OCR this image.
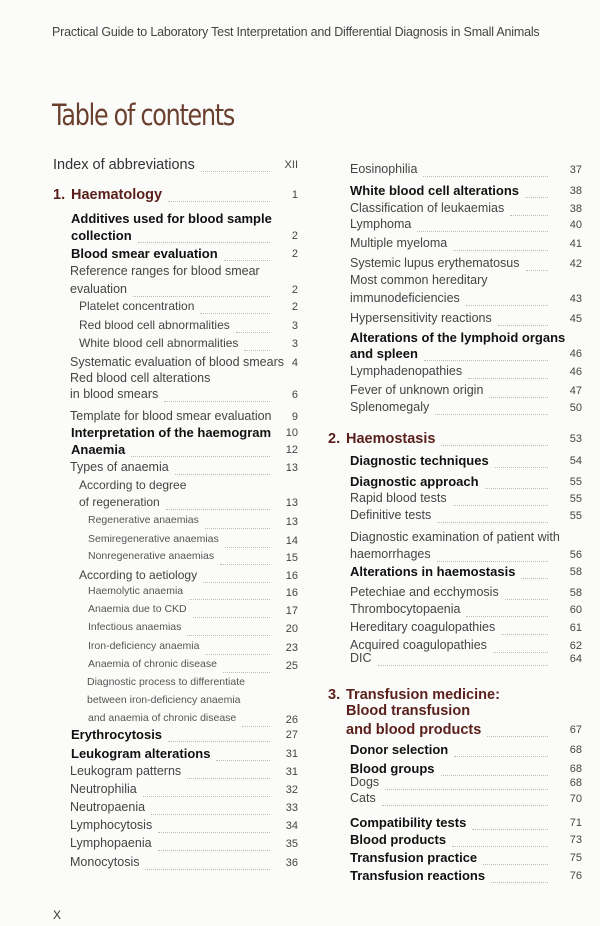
Practical Guide to Laboratory Test Interpretation and Differential Diagnosis in Small Animals
Table of contents
Index of abbreviations	XII
1. Haematology	1
Additives used for blood sample
collection	2
Blood smear evaluation	2
Reference ranges for blood smear
evaluation	2
Platelet concentration	2
Red blood cell abnormalities	3
White blood cell abnormalities	3
Systematic evaluation of blood smears 4
Red blood cell alterations
in blood smears	6
Template for blood smear evaluation	9
Interpretation of the haemogram	10
Anaemia	12
Types of anaemia	13
According to degree
of regeneration	13
Regenerative anaemias	13
Semiregenerative anaemias	14
Nonregenerative anaemias	15
According to aetiology	16
Haemolytic anaemia	16
Anaemia due to CKD	17
Infectious anaemias	20
Iron-deficiency anaemia	23
Anaemia of chronic disease	25
Diagnostic process to differentiate
between iron-deficiency anaemia
and anaemia of chronic disease	26
Erythrocytosis	27
Leukogram alterations	31
Leukogram patterns	31
Neutrophilia	32
Neutropaenia	33
Lymphocytosis	34
Lymphopaenia	35
Monocytosis	36
Eosinophilia	37
White blood cell alterations	38
Classification of leukaemias	38
Lymphoma	40
Multiple myeloma	41
Systemic lupus erythematosus	42
Most common hereditary
immunodeficiencies	43
Hypersensitivity reactions	45
Alterations of the lymphoid organs
and spleen	46
Lymphadenopathies	46
Fever of unknown origin	47
Splenomegaly	50
2. Haemostasis	53
Diagnostic techniques	54
Diagnostic approach	55
Rapid blood tests	55
Definitive tests	55
Diagnostic examination of patient with
haemorrhages	56
Alterations in haemostasis	58
Petechiae and ecchymosis	58
Thrombocytopaenia	60
Hereditary coagulopathies	61
Acquired coagulopathies	62
DIC	64
3. Transfusion medicine:
Blood transfusion
and blood products	67
Donor selection	68
Blood groups	68
Dogs	68
Cats	70
Compatibility tests	71
Blood products	73
Transfusion practice	75
Transfusion reactions	76
X
